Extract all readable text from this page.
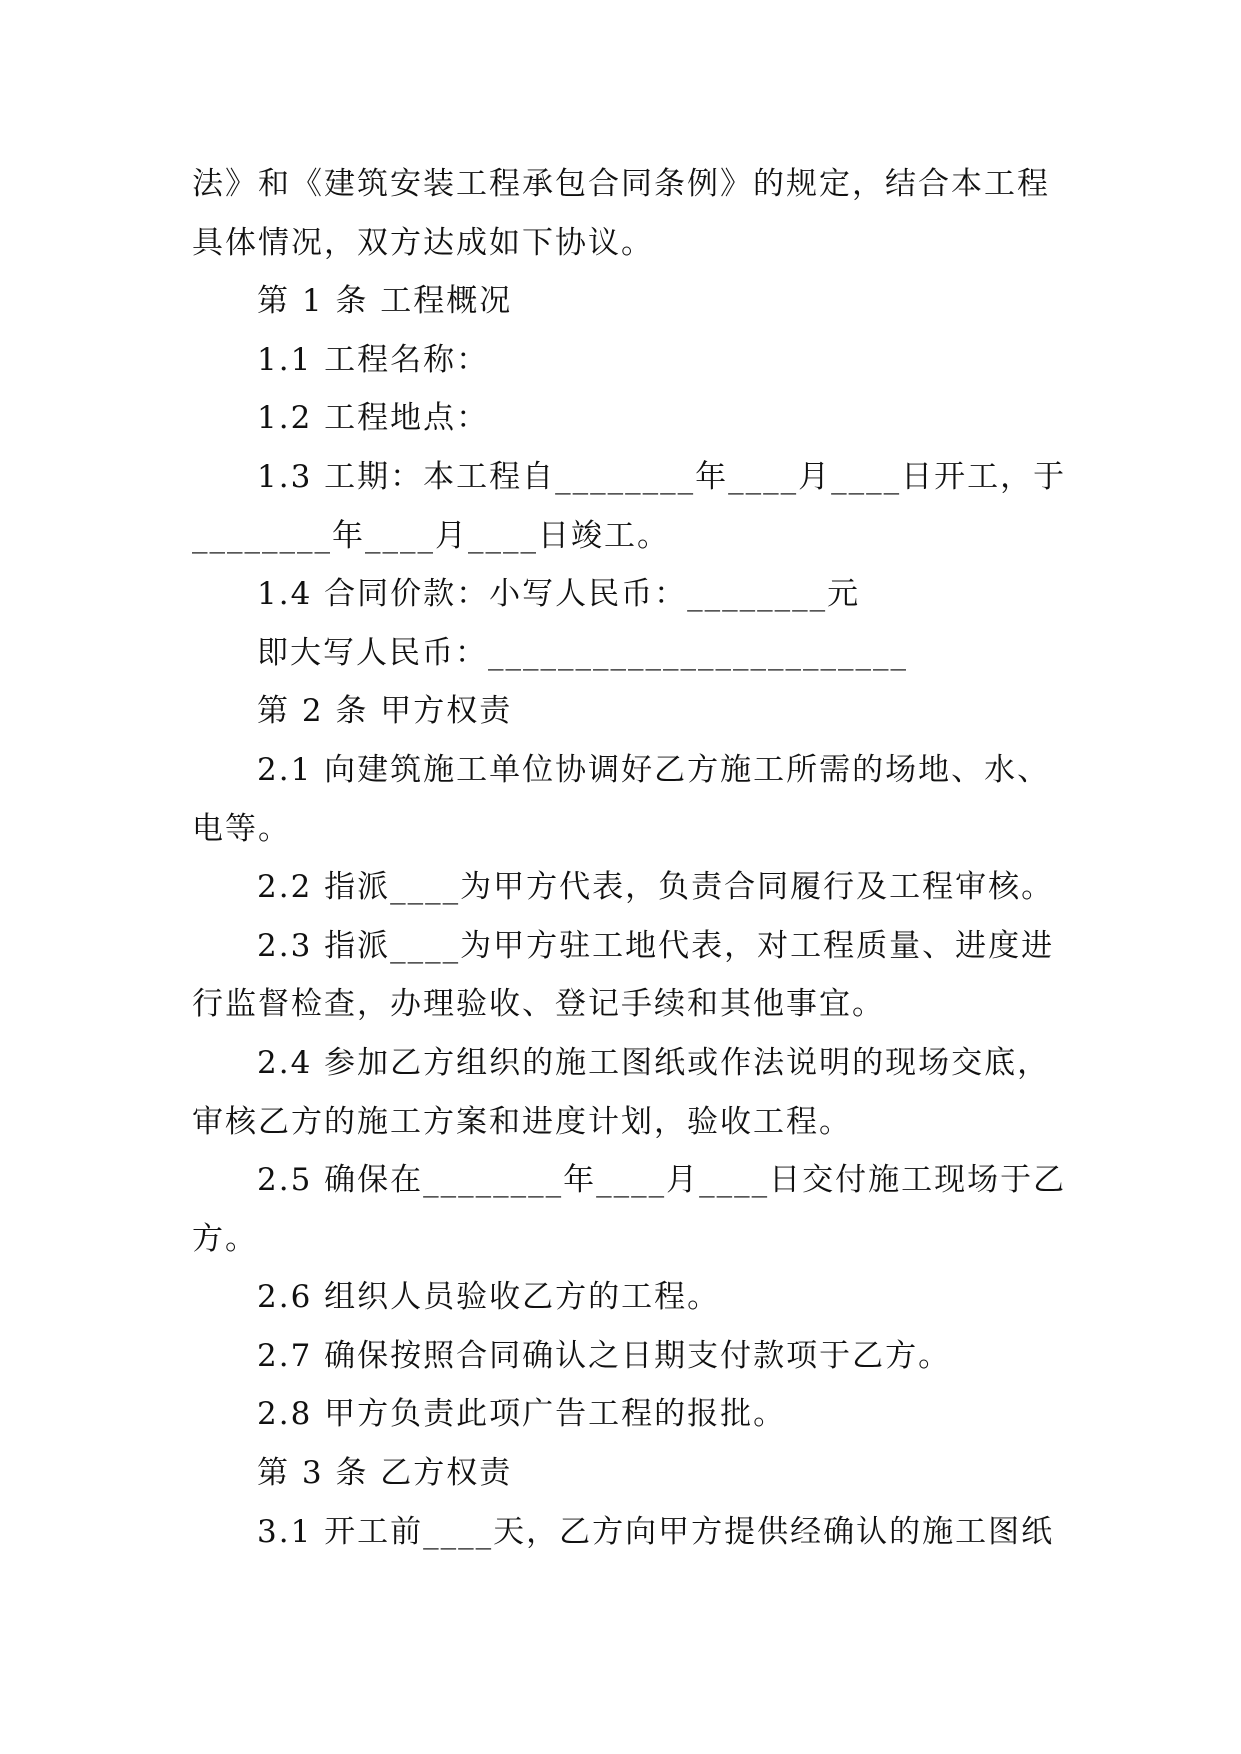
法》和《建筑安装工程承包合同条例》的规定，结合本工程
具体情况，双方达成如下协议。
第 1 条 工程概况
1.1 工程名称：
1.2 工程地点：
1.3 工期：本工程自________年____月____日开工，于
________年____月____日竣工。
1.4 合同价款：小写人民币：________元
即大写人民币：________________________
第 2 条 甲方权责
2.1 向建筑施工单位协调好乙方施工所需的场地、水、
电等。
2.2 指派____为甲方代表，负责合同履行及工程审核。
2.3 指派____为甲方驻工地代表，对工程质量、进度进
行监督检查，办理验收、登记手续和其他事宜。
2.4 参加乙方组织的施工图纸或作法说明的现场交底，
审核乙方的施工方案和进度计划，验收工程。
2.5 确保在________年____月____日交付施工现场于乙
方。
2.6 组织人员验收乙方的工程。
2.7 确保按照合同确认之日期支付款项于乙方。
2.8 甲方负责此项广告工程的报批。
第 3 条 乙方权责
3.1 开工前____天，乙方向甲方提供经确认的施工图纸
